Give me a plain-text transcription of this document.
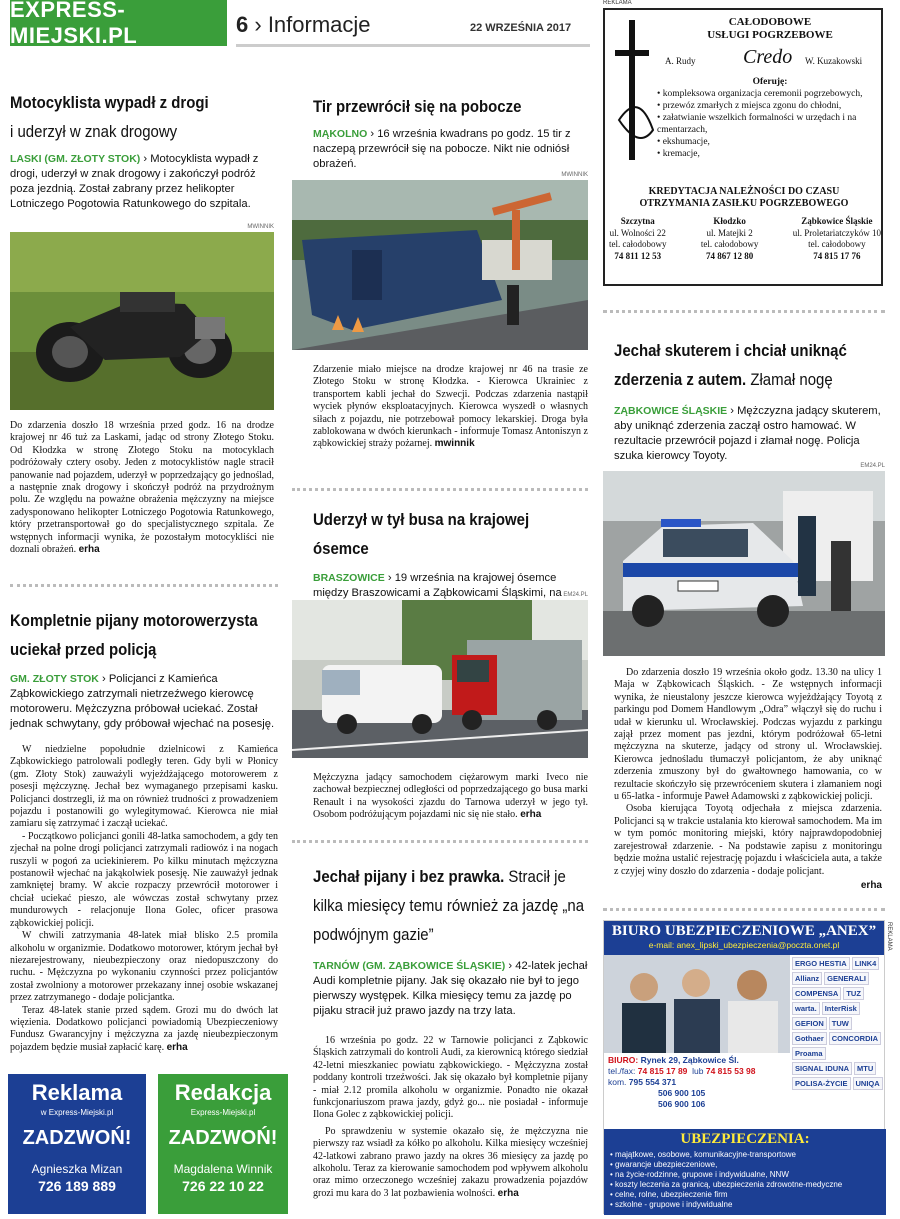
EXPRESS-MIEJSKI.PL	6 › Informacje	22 WRZEŚNIA 2017
Motocyklista wypadł z drogi
i uderzył w znak drogowy
LASKI (GM. ZŁOTY STOK) › Motocyklista wypadł z drogi, uderzył w znak drogowy i zakończył podróż poza jezdnią. Został zabrany przez helikopter Lotniczego Pogotowia Ratunkowego do szpitala.
MWINNIK
Do zdarzenia doszło 18 września przed godz. 16 na drodze krajowej nr 46 tuż za Laskami, jadąc od strony Złotego Stoku. Od Kłodzka w stronę Złotego Stoku na motocyklach podróżowały cztery osoby. Jeden z motocyklistów nagle stracił panowanie nad pojazdem, uderzył w poprzedzający go jednoślad, a następnie znak drogowy i skończył podróż na przydrożnym polu. Ze względu na poważne obrażenia mężczyzny na miejsce zadysponowano helikopter Lotniczego Pogotowia Ratunkowego, który przetransportował go do specjalistycznego szpitala. Ze wstępnych informacji wynika, że pozostałym motocykliści nie doznali obrażeń. erha
Kompletnie pijany motorowerzysta uciekał przed policją
GM. ZŁOTY STOK › Policjanci z Kamieńca Ząbkowickiego zatrzymali nietrzeźwego kierowcę motoroweru. Mężczyzna próbował uciekać. Został jednak schwytany, gdy próbował wjechać na posesję.
W niedzielne popołudnie dzielnicowi z Kamieńca Ząbkowickiego patrolowali podległy teren. Gdy byli w Płonicy (gm. Złoty Stok) zauważyli wyjeżdżającego motorowerem z posesji mężczyznę. Jechał bez wymaganego przepisami kasku. Policjanci dostrzegli, iż ma on również trudności z prowadzeniem pojazdu i postanowili go wylegitymować. Kierowca nie miał zamiaru się zatrzymać i zaczął uciekać.
- Początkowo policjanci gonili 48-latka samochodem, a gdy ten zjechał na polne drogi policjanci zatrzymali radiowóz i na nogach ruszyli w pogoń za uciekinierem. Po kilku minutach mężczyzna postanowił wjechać na jakąkolwiek posesję. Nie zauważył jednak zamkniętej bramy. W akcie rozpaczy przewrócił motorower i chciał uciekać pieszo, ale wówczas został schwytany przez mundurowych - relacjonuje Ilona Golec, oficer prasowa ząbkowickiej policji.
W chwili zatrzymania 48-latek miał blisko 2.5 promila alkoholu w organizmie. Dodatkowo motorower, którym jechał był niezarejestrowany, nieubezpieczony oraz niedopuszczony do ruchu. - Mężczyzna po wykonaniu czynności przez policjantów został zwolniony a motorower przekazany innej osobie wskazanej przez zatrzymanego - dodaje policjantka.
Teraz 48-latek stanie przed sądem. Grozi mu do dwóch lat więzienia. Dodatkowo policjanci powiadomią Ubezpieczeniowy Fundusz Gwarancyjny i mężczyzna za jazdę nieubezpieczonym pojazdem będzie musiał zapłacić karę. erha
Reklama
w Express-Miejski.pl
ZADZWOŃ!
Agnieszka Mizan
726 189 889
Redakcja
Express-Miejski.pl
ZADZWOŃ!
Magdalena Winnik
726 22 10 22
Tir przewrócił się na pobocze
MĄKOLNO › 16 września kwadrans po godz. 15 tir z naczepą przewrócił się na pobocze. Nikt nie odniósł obrażeń.
MWINNIK
Zdarzenie miało miejsce na drodze krajowej nr 46 na trasie ze Złotego Stoku w stronę Kłodzka. - Kierowca Ukrainiec z transportem kabli jechał do Szwecji. Podczas zdarzenia nastąpił wyciek płynów eksploatacyjnych. Kierowca wyszedł o własnych siłach z pojazdu, nie potrzebował pomocy lekarskiej. Droga była zablokowana w dwóch kierunkach - informuje Tomasz Antoniszyn z ząbkowickiej straży pożarnej. mwinnik
Uderzył w tył busa na krajowej ósemce
BRASZOWICE › 19 września na krajowej ósemce między Braszowicami a Ząbkowicami Śląskimi, na EM24.PL
Mężczyzna jadący samochodem ciężarowym marki Iveco nie zachował bezpiecznej odległości od poprzedzającego go busa marki Renault i na wysokości zjazdu do Tarnowa uderzył w jego tył. Osobom podróżującym pojazdami nic się nie stało. erha
Jechał pijany i bez prawka. Stracił je kilka miesięcy temu również za jazdę „na podwójnym gazie”
TARNÓW (GM. ZĄBKOWICE ŚLĄSKIE) › 42-latek jechał Audi kompletnie pijany. Jak się okazało nie był to jego pierwszy występek. Kilka miesięcy temu za jazdę po pijaku stracił już prawo jazdy na trzy lata.
16 września po godz. 22 w Tarnowie policjanci z Ząbkowic Śląskich zatrzymali do kontroli Audi, za kierownicą którego siedział 42-letni mieszkaniec powiatu ząbkowickiego. - Mężczyzna został poddany kontroli trzeźwości. Jak się okazało był kompletnie pijany - miał 2.12 promila alkoholu w organizmie. Ponadto nie okazał funkcjonariuszom prawa jazdy, gdyż go... nie posiadał - informuje Ilona Golec z ząbkowickiej policji.
Po sprawdzeniu w systemie okazało się, że mężczyzna nie pierwszy raz wsiadł za kółko po alkoholu. Kilka miesięcy wcześniej 42-latkowi zabrano prawo jazdy na okres 36 miesięcy za jazdę po alkoholu. Teraz za kierowanie samochodem pod wpływem alkoholu oraz mimo orzeczonego wcześniej zakazu prowadzenia pojazdów grozi mu kara do 3 lat pozbawienia wolności. erha
REKLAMA
CAŁODOBOWE
USŁUGI POGRZEBOWE
A. Rudy Credo W. Kuzakowski
Oferuję:
• kompleksowa organizacja ceremonii pogrzebowych,
• przewóz zmarłych z miejsca zgonu do chłodni,
• załatwianie wszelkich formalności w urzędach i na cmentarzach,
• ekshumacje,
• kremacje,
KREDYTACJA NALEŻNOŚCI DO CZASU
OTRZYMANIA ZASIŁKU POGRZEBOWEGO
Szczytna
ul. Wolności 22
tel. całodobowy
74 811 12 53
Kłodzko
ul. Matejki 2
tel. całodobowy
74 867 12 80
Ząbkowice Śląskie
ul. Proletariatczyków 10
tel. całodobowy
74 815 17 76
Jechał skuterem i chciał uniknąć zderzenia z autem. Złamał nogę
ZĄBKOWICE ŚLĄSKIE › Mężczyzna jadący skuterem, aby uniknąć zderzenia zaczął ostro hamować. W rezultacie przewrócił pojazd i złamał nogę. Policja szuka kierowcy Toyoty.
EM24.PL
Do zdarzenia doszło 19 września około godz. 13.30 na ulicy 1 Maja w Ząbkowicach Śląskich. - Ze wstępnych informacji wynika, że nieustalony jeszcze kierowca wyjeżdżający Toyotą z parkingu pod Domem Handlowym „Odra” włączył się do ruchu i udał w kierunku ul. Wrocławskiej. Podczas wyjazdu z parkingu zajął przez moment pas jezdni, którym podróżował 65-letni mężczyzna na skuterze, jadący od strony ul. Wrocławskiej. Kierowca jednośladu tłumaczył policjantom, że aby uniknąć zderzenia zmuszony był do gwałtownego hamowania, co w rezultacie skończyło się przewróceniem skutera i złamaniem nogi u 65-latka - informuje Paweł Adamowski z ząbkowickiej policji.
Osoba kierująca Toyotą odjechała z miejsca zdarzenia. Policjanci są w trakcie ustalania kto kierował samochodem. Ma im w tym pomóc monitoring miejski, który najprawdopodobniej zarejestrował zdarzenie. - Na podstawie zapisu z monitoringu będzie można ustalić rejestrację pojazdu i właściciela auta, a także z czyjej winy doszło do zdarzenia - dodaje policjant.
erha
BIURO UBEZPIECZENIOWE „ANEX”
e-mail: anex_lipski_ubezpieczenia@poczta.onet.pl
BIURO: Rynek 29, Ząbkowice Śl.
tel./fax: 74 815 17 89  lub 74 815 53 98
kom. 795 554 371
506 900 105
506 900 106
ERGO HESTIA	LINK4
Allianz	GENERALI
COMPENSA	TUZ
warta.	InterRisk
GEFION	TUW
Gothaer	CONCORDIA
Proama
SIGNAL IDUNA	MTU
POLISA-ŻYCIE	UNIQA
UBEZPIECZENIA:
• majątkowe, osobowe, komunikacyjne-transportowe
• gwarancje ubezpieczeniowe,
• na życie-rodzinne, grupowe i indywidualne, NNW
• koszty leczenia za granicą, ubezpieczenia zdrowotne-medyczne
• celne, rolne, ubezpieczenie firm
• szkolne - grupowe i indywidualne
REKLAMA
